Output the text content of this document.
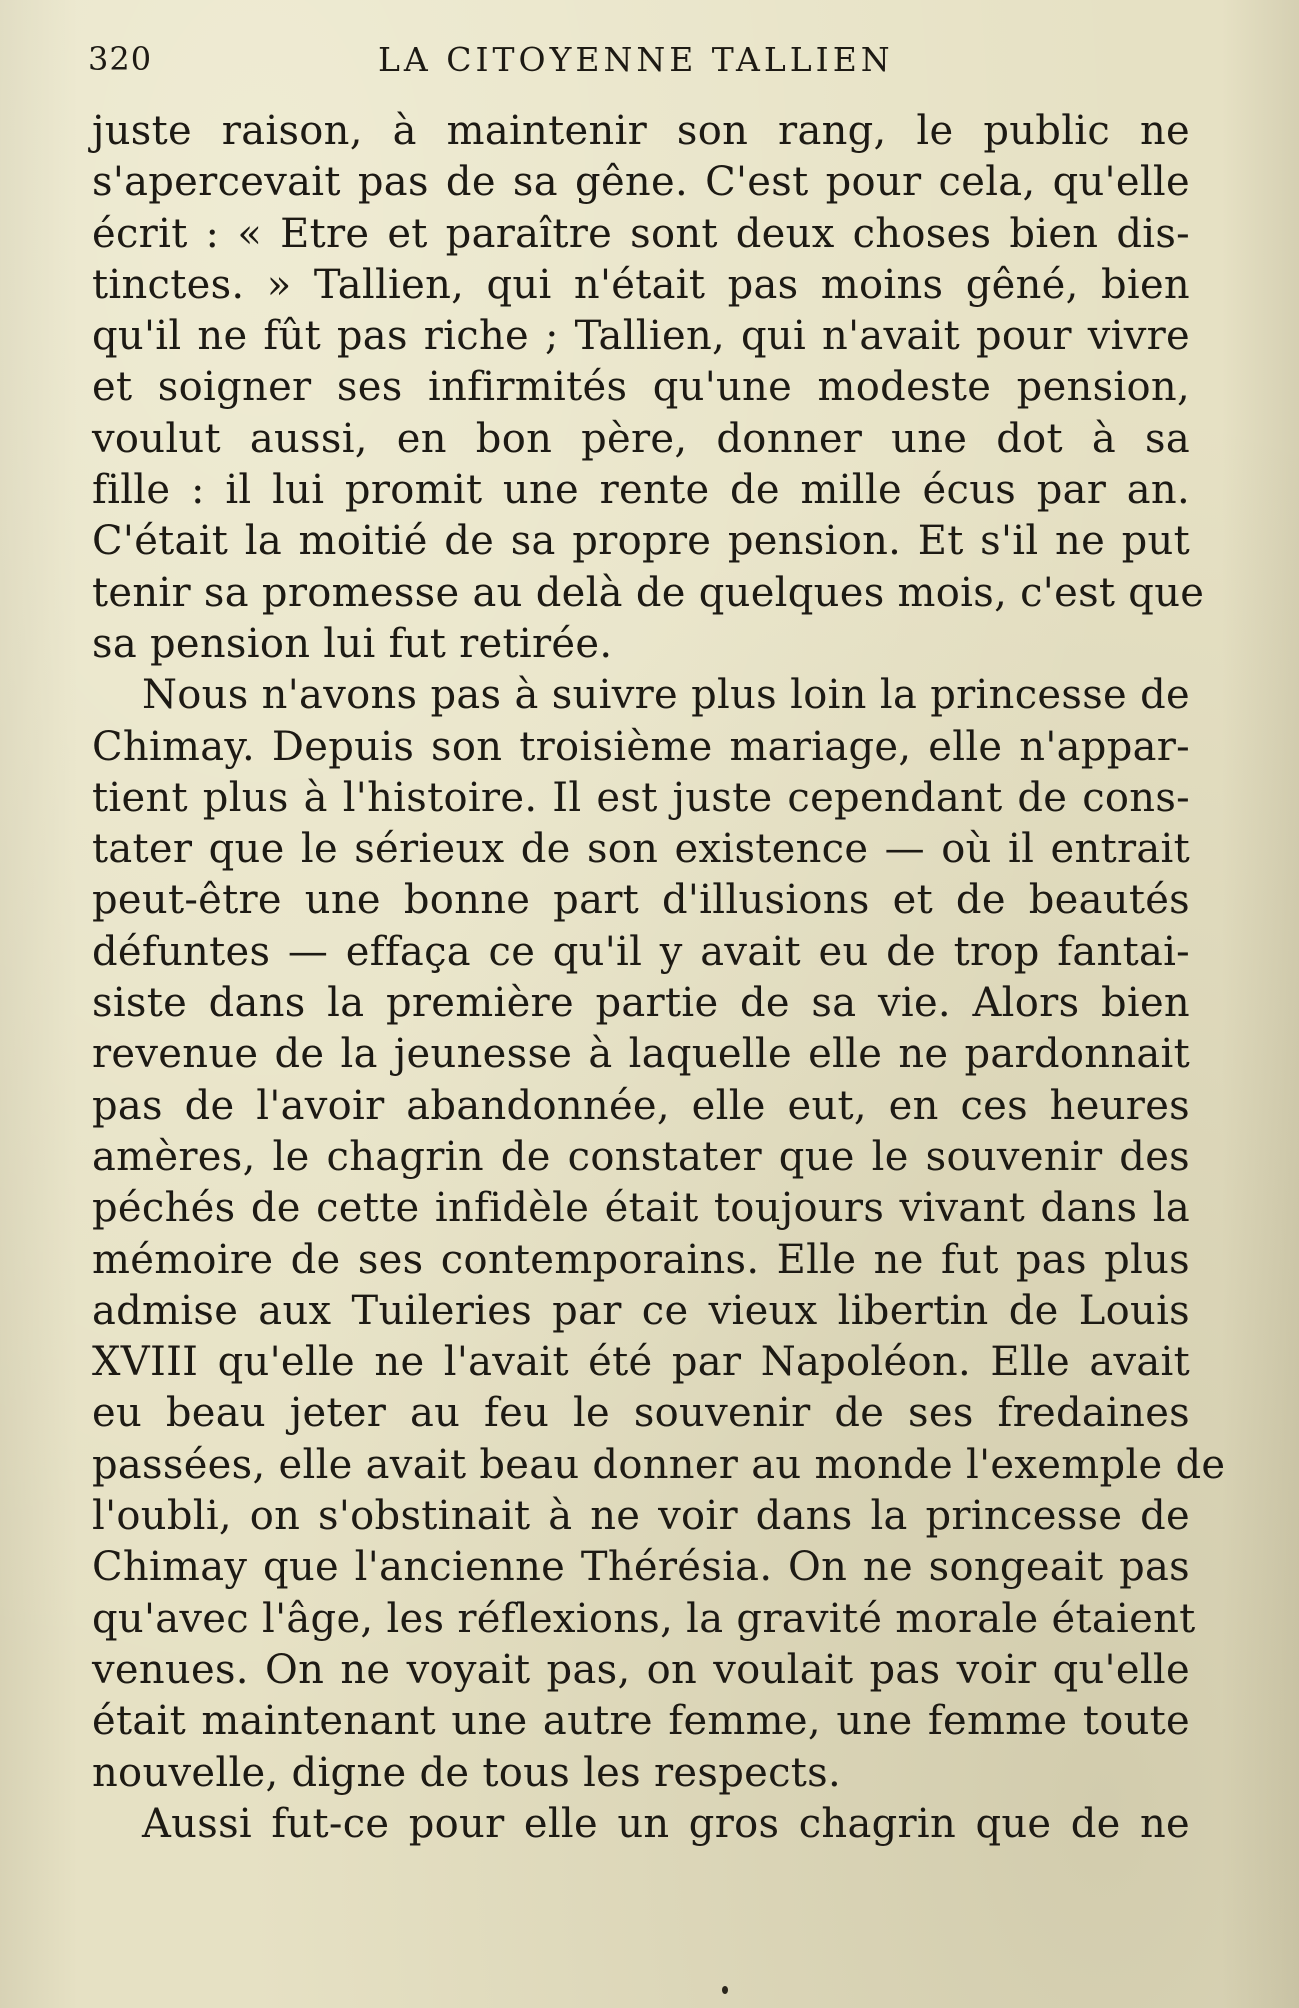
320	LA CITOYENNE TALLIEN
juste raison, à maintenir son rang, le public ne
s'apercevait pas de sa gêne. C'est pour cela, qu'elle
écrit : « Etre et paraître sont deux choses bien dis-
tinctes. » Tallien, qui n'était pas moins gêné, bien
qu'il ne fût pas riche ; Tallien, qui n'avait pour vivre
et soigner ses infirmités qu'une modeste pension,
voulut aussi, en bon père, donner une dot à sa
fille : il lui promit une rente de mille écus par an.
C'était la moitié de sa propre pension. Et s'il ne put
tenir sa promesse au delà de quelques mois, c'est que
sa pension lui fut retirée.
Nous n'avons pas à suivre plus loin la princesse de
Chimay. Depuis son troisième mariage, elle n'appar-
tient plus à l'histoire. Il est juste cependant de cons-
tater que le sérieux de son existence — où il entrait
peut-être une bonne part d'illusions et de beautés
défuntes — effaça ce qu'il y avait eu de trop fantai-
siste dans la première partie de sa vie. Alors bien
revenue de la jeunesse à laquelle elle ne pardonnait
pas de l'avoir abandonnée, elle eut, en ces heures
amères, le chagrin de constater que le souvenir des
péchés de cette infidèle était toujours vivant dans la
mémoire de ses contemporains. Elle ne fut pas plus
admise aux Tuileries par ce vieux libertin de Louis
XVIII qu'elle ne l'avait été par Napoléon. Elle avait
eu beau jeter au feu le souvenir de ses fredaines
passées, elle avait beau donner au monde l'exemple de
l'oubli, on s'obstinait à ne voir dans la princesse de
Chimay que l'ancienne Thérésia. On ne songeait pas
qu'avec l'âge, les réflexions, la gravité morale étaient
venues. On ne voyait pas, on voulait pas voir qu'elle
était maintenant une autre femme, une femme toute
nouvelle, digne de tous les respects.
Aussi fut-ce pour elle un gros chagrin que de ne
